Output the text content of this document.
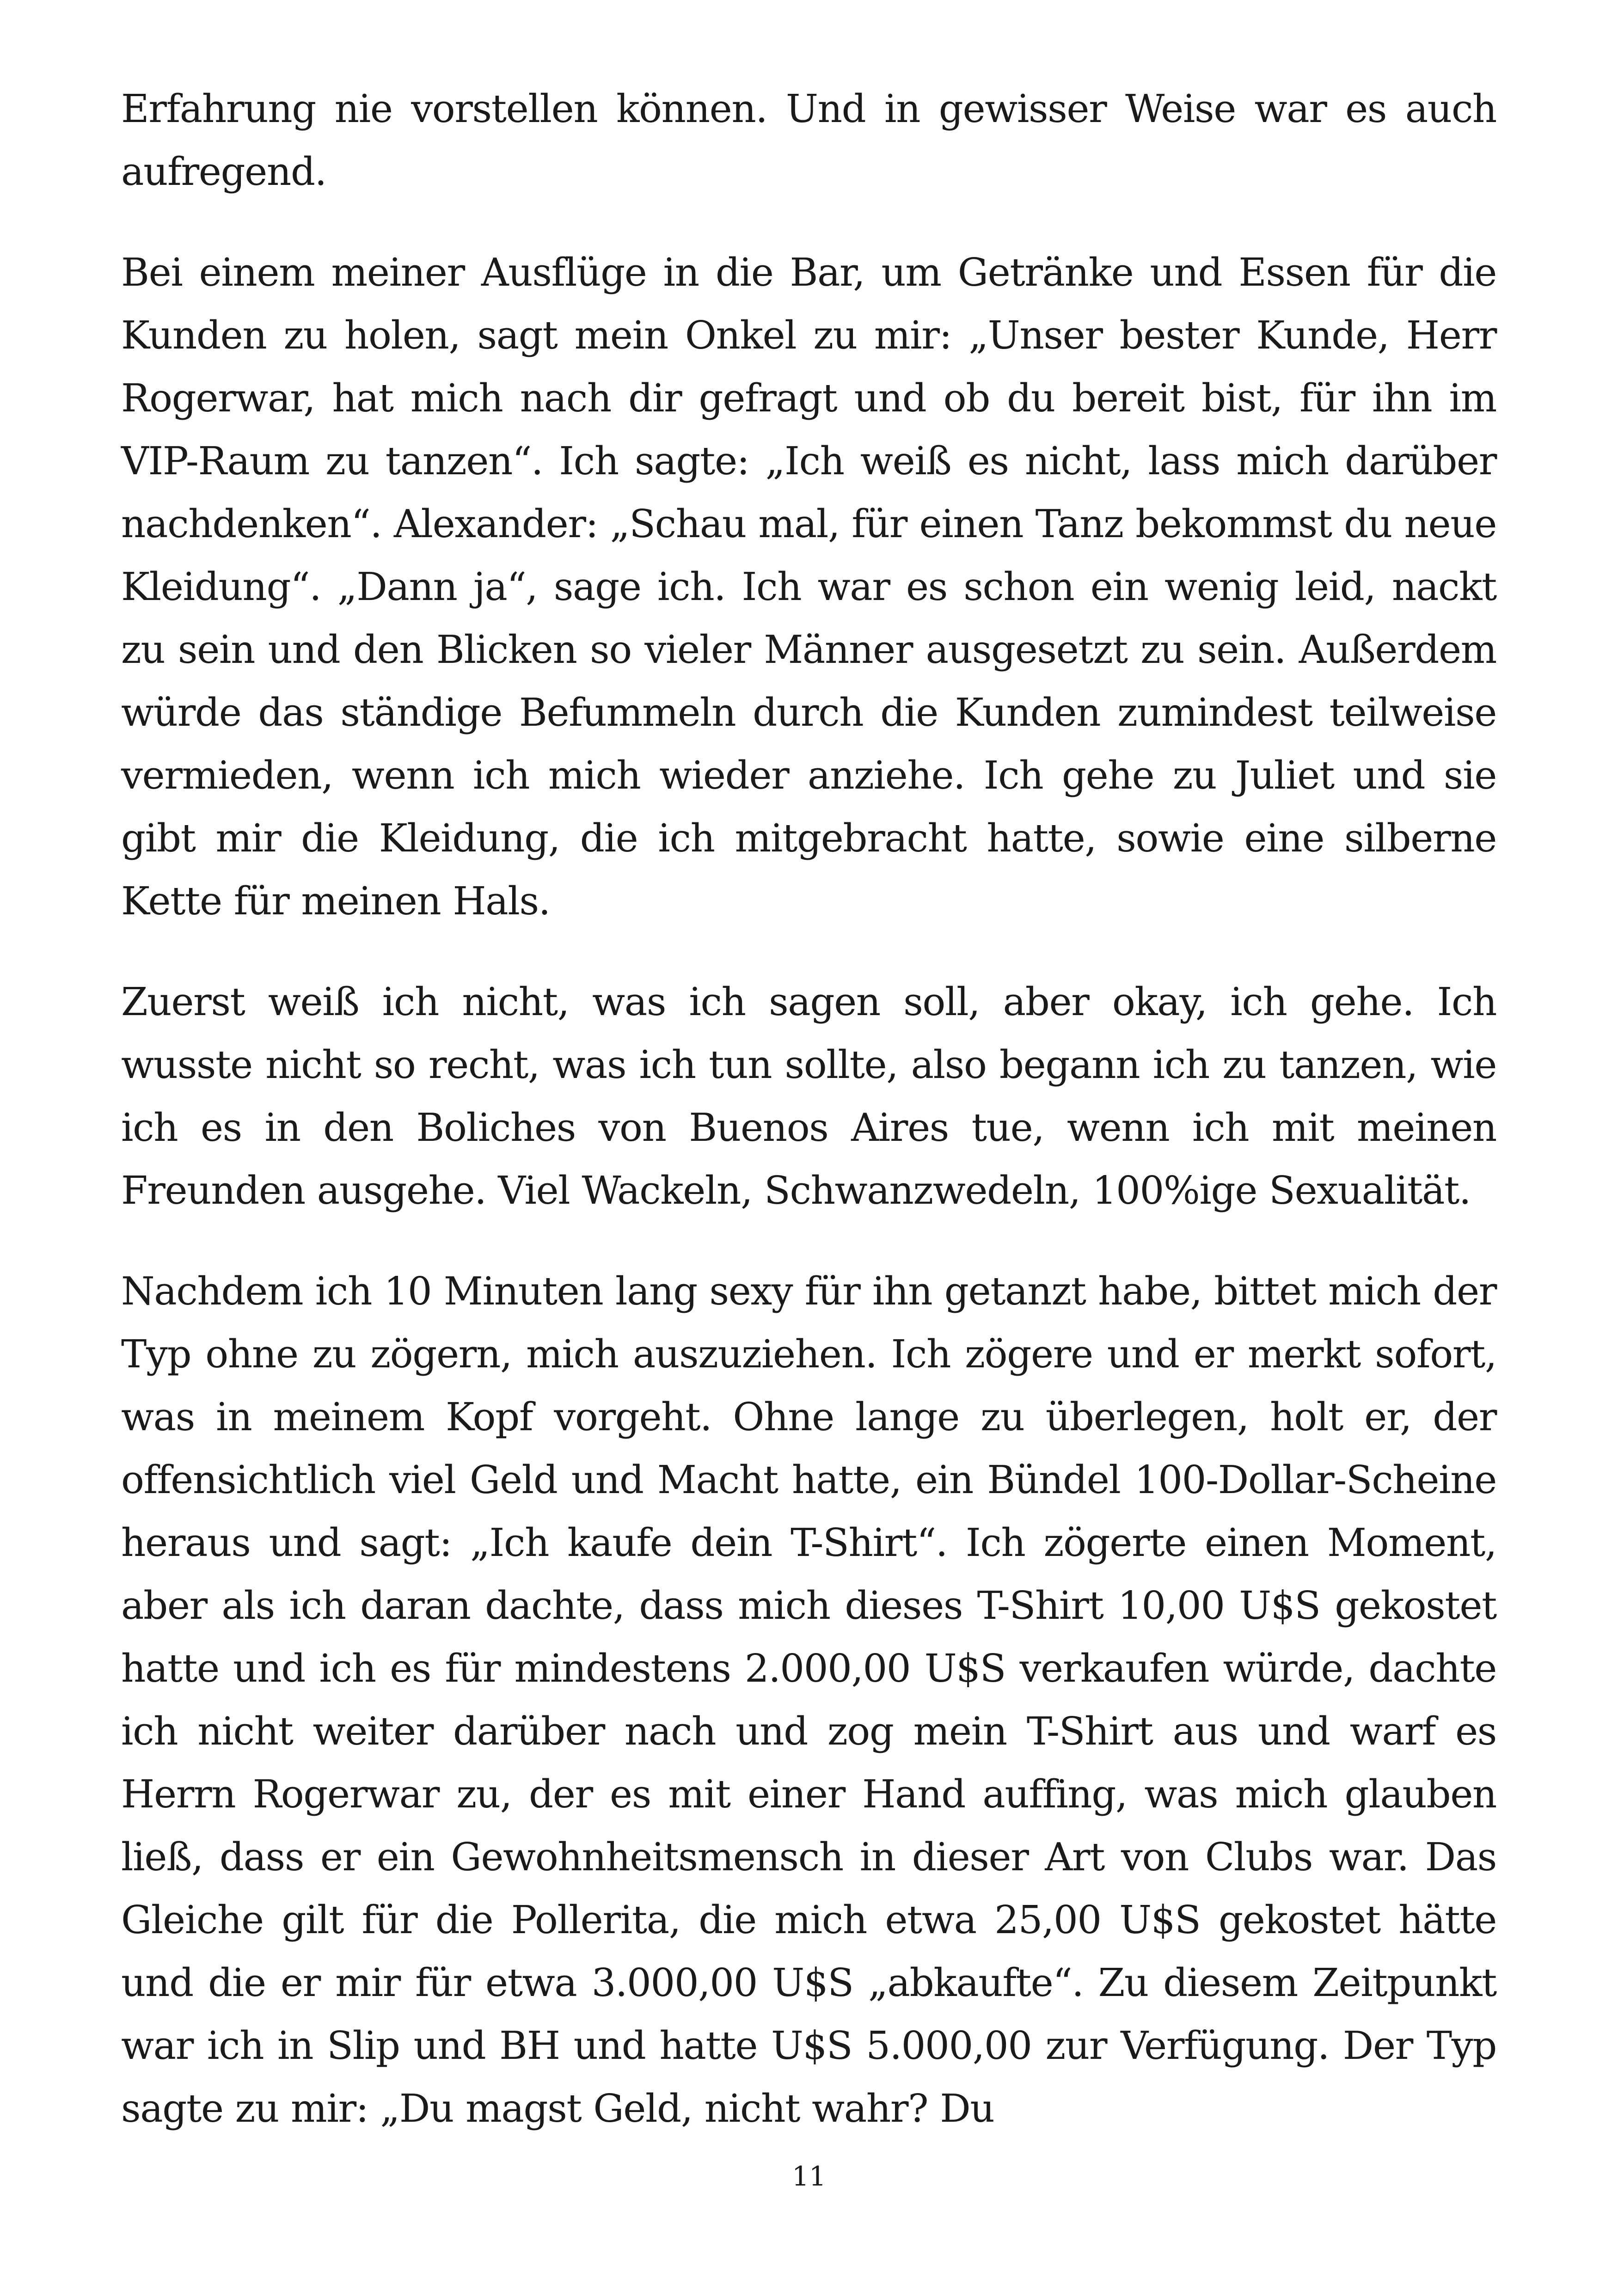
Erfahrung nie vorstellen können. Und in gewisser Weise war es auch aufregend.

Bei einem meiner Ausflüge in die Bar, um Getränke und Essen für die Kunden zu holen, sagt mein Onkel zu mir: „Unser bester Kunde, Herr Rogerwar, hat mich nach dir gefragt und ob du bereit bist, für ihn im VIP-Raum zu tanzen“. Ich sagte: „Ich weiß es nicht, lass mich darüber nachdenken“. Alexander: „Schau mal, für einen Tanz bekommst du neue Kleidung“. „Dann ja“, sage ich. Ich war es schon ein wenig leid, nackt zu sein und den Blicken so vieler Männer ausgesetzt zu sein. Außerdem würde das ständige Befummeln durch die Kunden zumindest teilweise vermieden, wenn ich mich wieder anziehe. Ich gehe zu Juliet und sie gibt mir die Kleidung, die ich mitgebracht hatte, sowie eine silberne Kette für meinen Hals.

Zuerst weiß ich nicht, was ich sagen soll, aber okay, ich gehe. Ich wusste nicht so recht, was ich tun sollte, also begann ich zu tanzen, wie ich es in den Boliches von Buenos Aires tue, wenn ich mit meinen Freunden ausgehe. Viel Wackeln, Schwanzwedeln, 100%ige Sexualität.

Nachdem ich 10 Minuten lang sexy für ihn getanzt habe, bittet mich der Typ ohne zu zögern, mich auszuziehen. Ich zögere und er merkt sofort, was in meinem Kopf vorgeht. Ohne lange zu überlegen, holt er, der offensichtlich viel Geld und Macht hatte, ein Bündel 100-Dollar-Scheine heraus und sagt: „Ich kaufe dein T-Shirt“. Ich zögerte einen Moment, aber als ich daran dachte, dass mich dieses T-Shirt 10,00 U$S gekostet hatte und ich es für mindestens 2.000,00 U$S verkaufen würde, dachte ich nicht weiter darüber nach und zog mein T-Shirt aus und warf es Herrn Rogerwar zu, der es mit einer Hand auffing, was mich glauben ließ, dass er ein Gewohnheitsmensch in dieser Art von Clubs war. Das Gleiche gilt für die Pollerita, die mich etwa 25,00 U$S gekostet hätte und die er mir für etwa 3.000,00 U$S „abkaufte“. Zu diesem Zeitpunkt war ich in Slip und BH und hatte U$S 5.000,00 zur Verfügung. Der Typ sagte zu mir: „Du magst Geld, nicht wahr? Du

11
